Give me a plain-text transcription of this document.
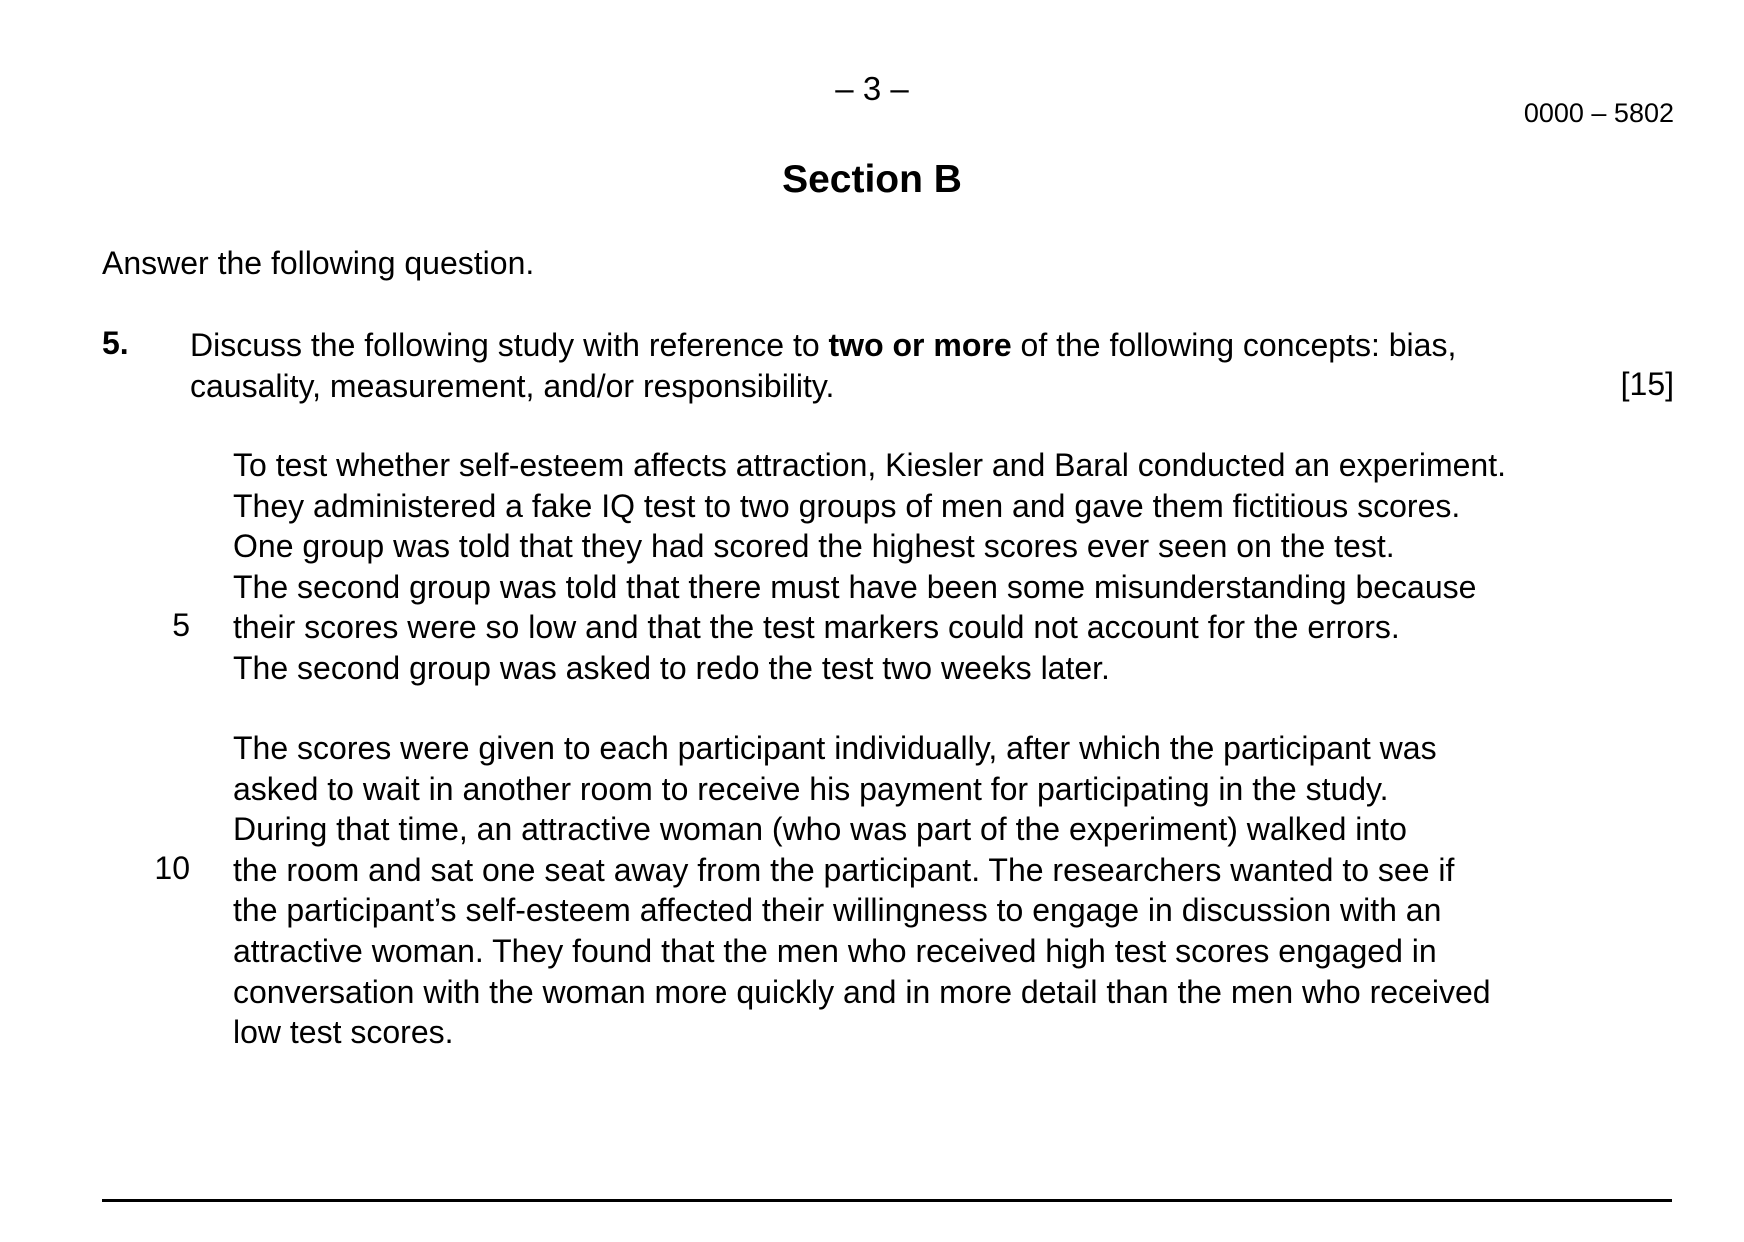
– 3 –
0000 – 5802
Section B
Answer the following question.
5. Discuss the following study with reference to two or more of the following concepts: bias,
causality, measurement, and/or responsibility.	[15]
To test whether self-esteem affects attraction, Kiesler and Baral conducted an experiment.
They administered a fake IQ test to two groups of men and gave them fictitious scores.
One group was told that they had scored the highest scores ever seen on the test.
The second group was told that there must have been some misunderstanding because
their scores were so low and that the test markers could not account for the errors.
The second group was asked to redo the test two weeks later.
5
The scores were given to each participant individually, after which the participant was
asked to wait in another room to receive his payment for participating in the study.
During that time, an attractive woman (who was part of the experiment) walked into
the room and sat one seat away from the participant. The researchers wanted to see if
the participant’s self-esteem affected their willingness to engage in discussion with an
attractive woman. They found that the men who received high test scores engaged in
conversation with the woman more quickly and in more detail than the men who received
low test scores.
10
